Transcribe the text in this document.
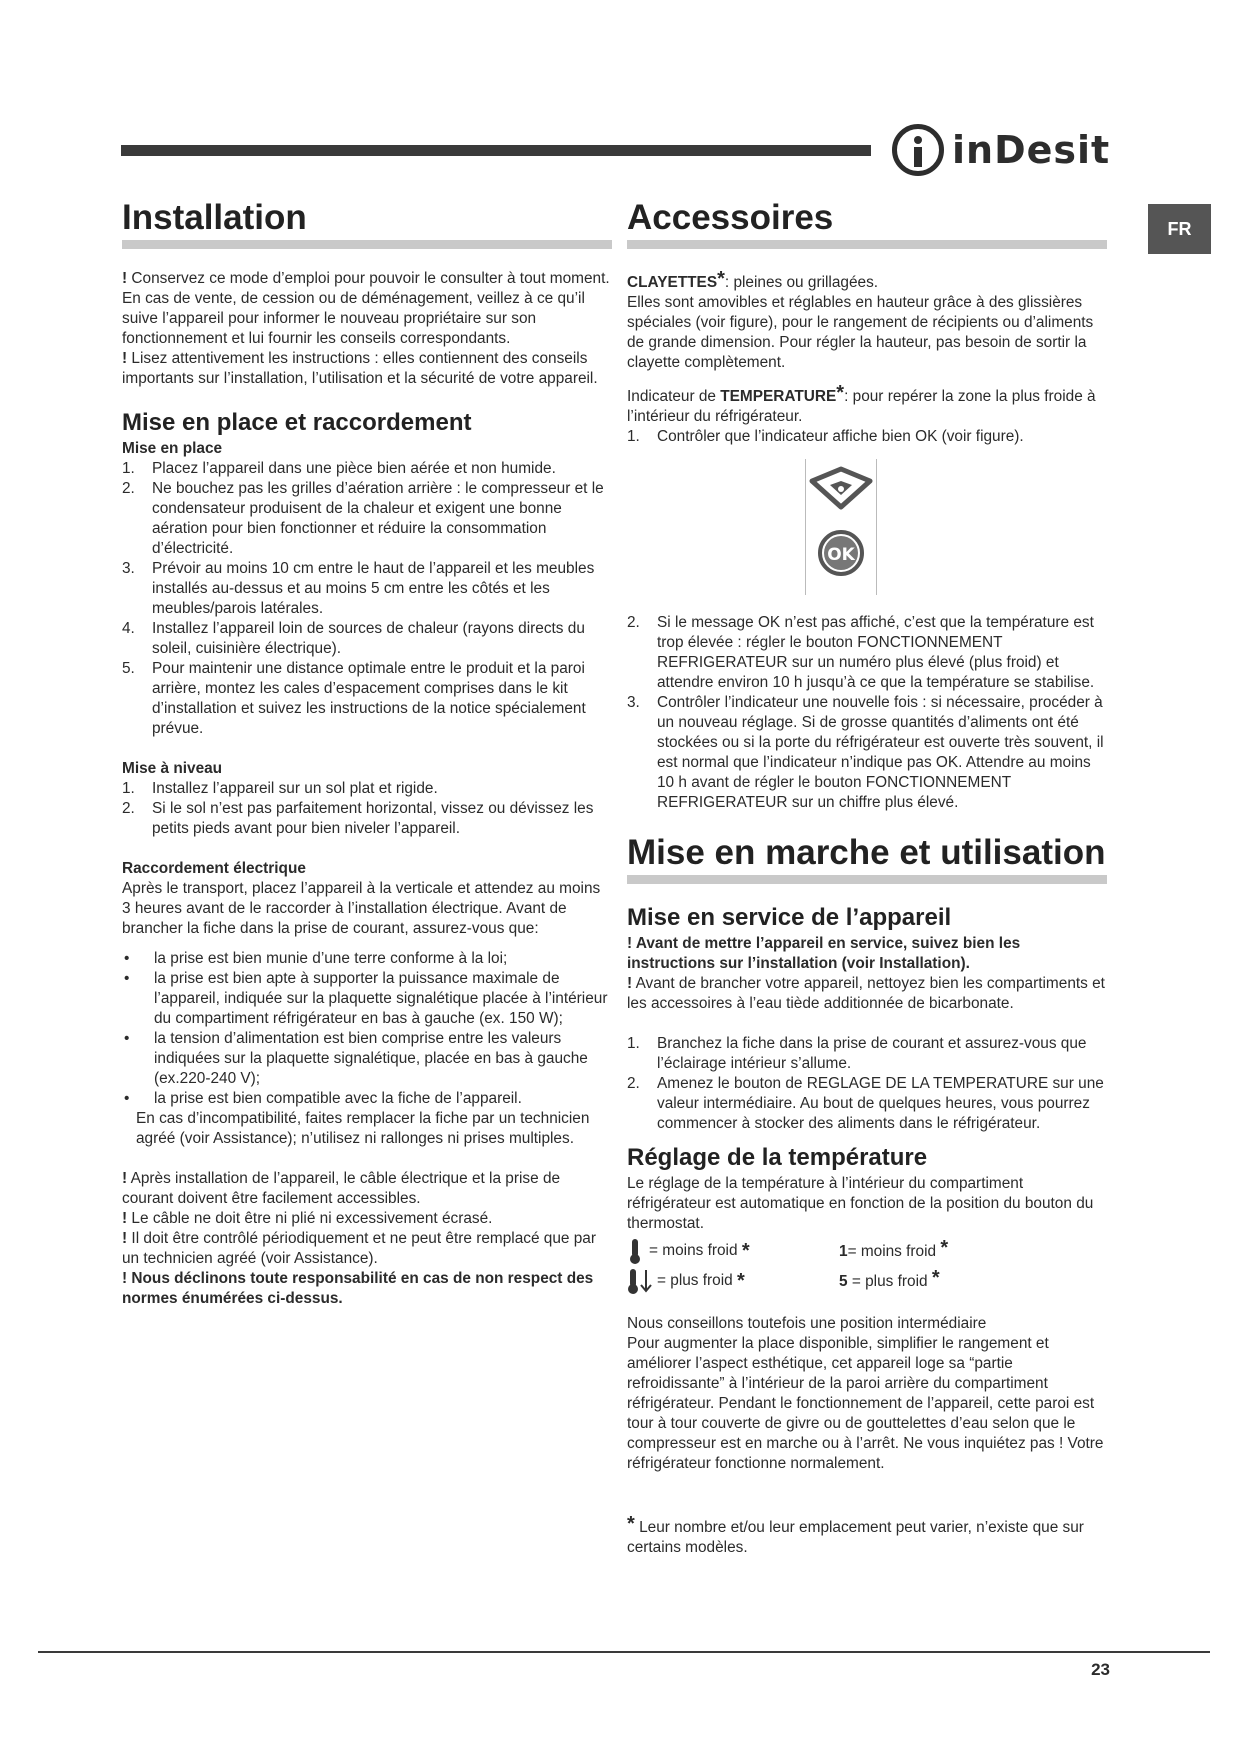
inDesit
FR
Installation

! Conservez ce mode d’emploi pour pouvoir le consulter à tout moment. En cas de vente, de cession ou de déménagement, veillez à ce qu’il suive l’appareil pour informer le nouveau propriétaire sur son fonctionnement et lui fournir les conseils correspondants.

! Lisez attentivement les instructions : elles contiennent des conseils importants sur l’installation, l’utilisation et la sécurité de votre appareil.

Mise en place et raccordement
Mise en place
1.	Placez l’appareil dans une pièce bien aérée et non humide.
2.	Ne bouchez pas les grilles d’aération arrière : le compresseur et le condensateur produisent de la chaleur et exigent une bonne aération pour bien fonctionner et réduire la consommation d’électricité.
3.	Prévoir au moins 10 cm entre le haut de l’appareil et les meubles installés au-dessus et au moins 5 cm entre les côtés et les meubles/parois latérales.
4.	Installez l’appareil loin de sources de chaleur (rayons directs du soleil, cuisinière électrique).
5.	Pour maintenir une distance optimale entre le produit et la paroi arrière, montez les cales d’espacement comprises dans le kit d’installation et suivez les instructions de la notice spécialement prévue.
Mise à niveau
1.	Installez l’appareil sur un sol plat et rigide.
2.	Si le sol n’est pas parfaitement horizontal, vissez ou dévissez les petits pieds avant pour bien niveler l’appareil.
Raccordement électrique

Après le transport, placez l’appareil à la verticale et attendez au moins 3 heures avant de le raccorder à l’installation électrique. Avant de brancher la fiche dans la prise de courant, assurez-vous que:

•	la prise est bien munie d’une terre conforme à la loi;
•	la prise est bien apte à supporter la puissance maximale de l’appareil, indiquée sur la plaquette signalétique placée à l’intérieur du compartiment réfrigérateur en bas à gauche (ex. 150 W);
•	la tension d’alimentation est bien comprise entre les valeurs indiquées sur la plaquette signalétique, placée en bas à gauche (ex.220-240 V);
•	la prise est bien compatible avec la fiche de l’appareil.

En cas d’incompatibilité, faites remplacer la fiche par un technicien agréé (voir Assistance); n’utilisez ni rallonges ni prises multiples.

! Après installation de l’appareil, le câble électrique et la prise de courant doivent être facilement accessibles.

! Le câble ne doit être ni plié ni excessivement écrasé.

! Il doit être contrôlé périodiquement et ne peut être remplacé que par un technicien agréé (voir Assistance).

! Nous déclinons toute responsabilité en cas de non respect des normes énumérées ci-dessus.

Accessoires

CLAYETTES*: pleines ou grillagées.

Elles sont amovibles et réglables en hauteur grâce à des glissières spéciales (voir figure), pour le rangement de récipients ou d’aliments de grande dimension. Pour régler la hauteur, pas besoin de sortir la clayette complètement.

Indicateur de TEMPERATURE*: pour repérer la zone la plus froide à l’intérieur du réfrigérateur.

1.	Contrôler que l’indicateur affiche bien OK (voir figure).
OK
2.	Si le message OK n’est pas affiché, c’est que la température est trop élevée : régler le bouton FONCTIONNEMENT REFRIGERATEUR sur un numéro plus élevé (plus froid) et attendre environ 10 h jusqu’à ce que la température se stabilise.
3.	Contrôler l’indicateur une nouvelle fois : si nécessaire, procéder à un nouveau réglage. Si de grosse quantités d’aliments ont été stockées ou si la porte du réfrigérateur est ouverte très souvent, il est normal que l’indicateur n’indique pas OK. Attendre au moins 10 h avant de régler le bouton FONCTIONNEMENT REFRIGERATEUR sur un chiffre plus élevé.
Mise en marche et utilisation
Mise en service de l’appareil

! Avant de mettre l’appareil en service, suivez bien les instructions sur l’installation (voir Installation).

! Avant de brancher votre appareil, nettoyez bien les compartiments et les accessoires à l’eau tiède additionnée de bicarbonate.

1.	Branchez la fiche dans la prise de courant et assurez-vous que l’éclairage intérieur s’allume.
2.	Amenez le bouton de REGLAGE DE LA TEMPERATURE sur une valeur intermédiaire. Au bout de quelques heures, vous pourrez commencer à stocker des aliments dans le réfrigérateur.
Réglage de la température

Le réglage de la température à l’intérieur du compartiment réfrigérateur est automatique en fonction de la position du bouton du thermostat.

= moins froid
*	1= moins froid *
= plus froid
*	5 = plus froid *

Nous conseillons toutefois une position intermédiaire

Pour augmenter la place disponible, simplifier le rangement et améliorer l’aspect esthétique, cet appareil loge sa “partie refroidissante” à l’intérieur de la paroi arrière du compartiment réfrigérateur. Pendant le fonctionnement de l’appareil, cette paroi est tour à tour couverte de givre ou de gouttelettes d’eau selon que le compresseur est en marche ou à l’arrêt. Ne vous inquiétez pas ! Votre réfrigérateur fonctionne normalement.

* Leur nombre et/ou leur emplacement peut varier, n’existe que sur certains modèles.

23
